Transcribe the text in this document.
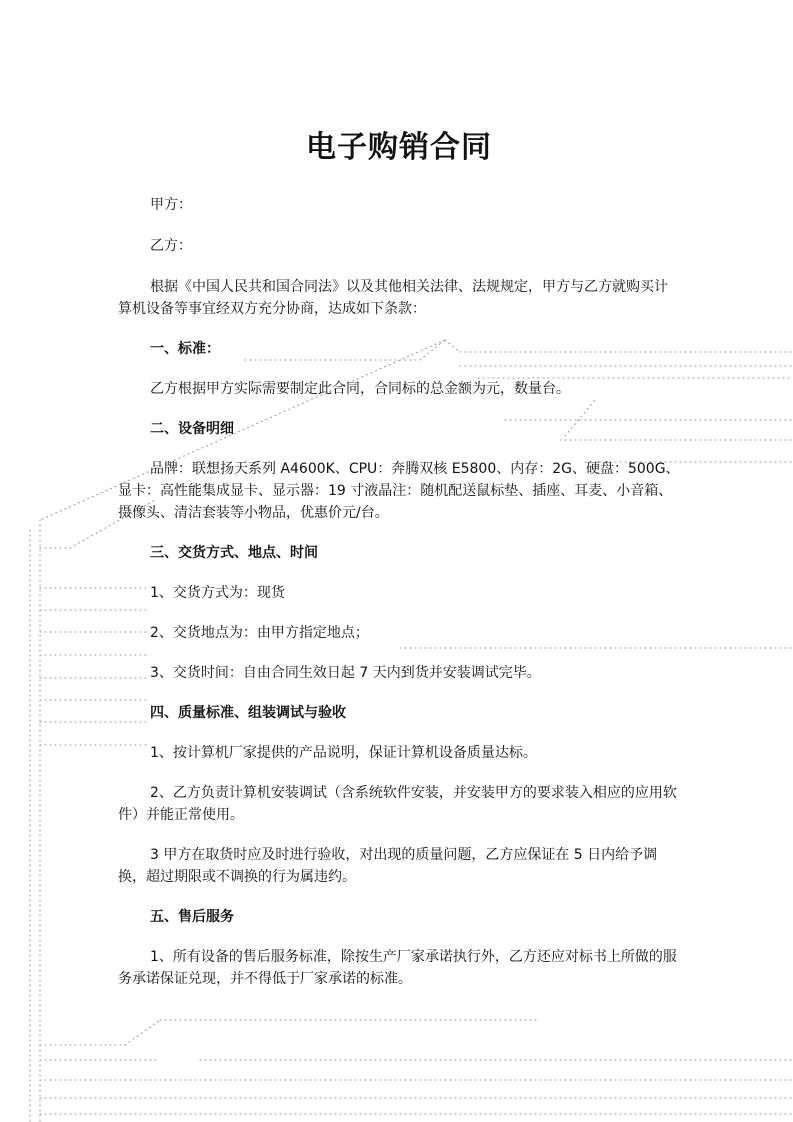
电子购销合同
甲方：
乙方：
根据《中国人民共和国合同法》以及其他相关法律、法规规定，甲方与乙方就购买计算机设备等事宜经双方充分协商，达成如下条款：
一、标准：
乙方根据甲方实际需要制定此合同，合同标的总金额为元，数量台。
二、设备明细
品牌：联想扬天系列 A4600K、CPU：奔腾双核 E5800、内存：2G、硬盘：500G、显卡：高性能集成显卡、显示器：19 寸液晶注：随机配送鼠标垫、插座、耳麦、小音箱、摄像头、清洁套装等小物品，优惠价元/台。
三、交货方式、地点、时间
1、交货方式为：现货
2、交货地点为：由甲方指定地点；
3、交货时间：自由合同生效日起 7 天内到货并安装调试完毕。
四、质量标准、组装调试与验收
1、按计算机厂家提供的产品说明，保证计算机设备质量达标。
2、乙方负责计算机安装调试（含系统软件安装，并安装甲方的要求装入相应的应用软件）并能正常使用。
3 甲方在取货时应及时进行验收，对出现的质量问题，乙方应保证在 5 日内给予调换，超过期限或不调换的行为属违约。
五、售后服务
1、所有设备的售后服务标准，除按生产厂家承诺执行外，乙方还应对标书上所做的服务承诺保证兑现，并不得低于厂家承诺的标准。
